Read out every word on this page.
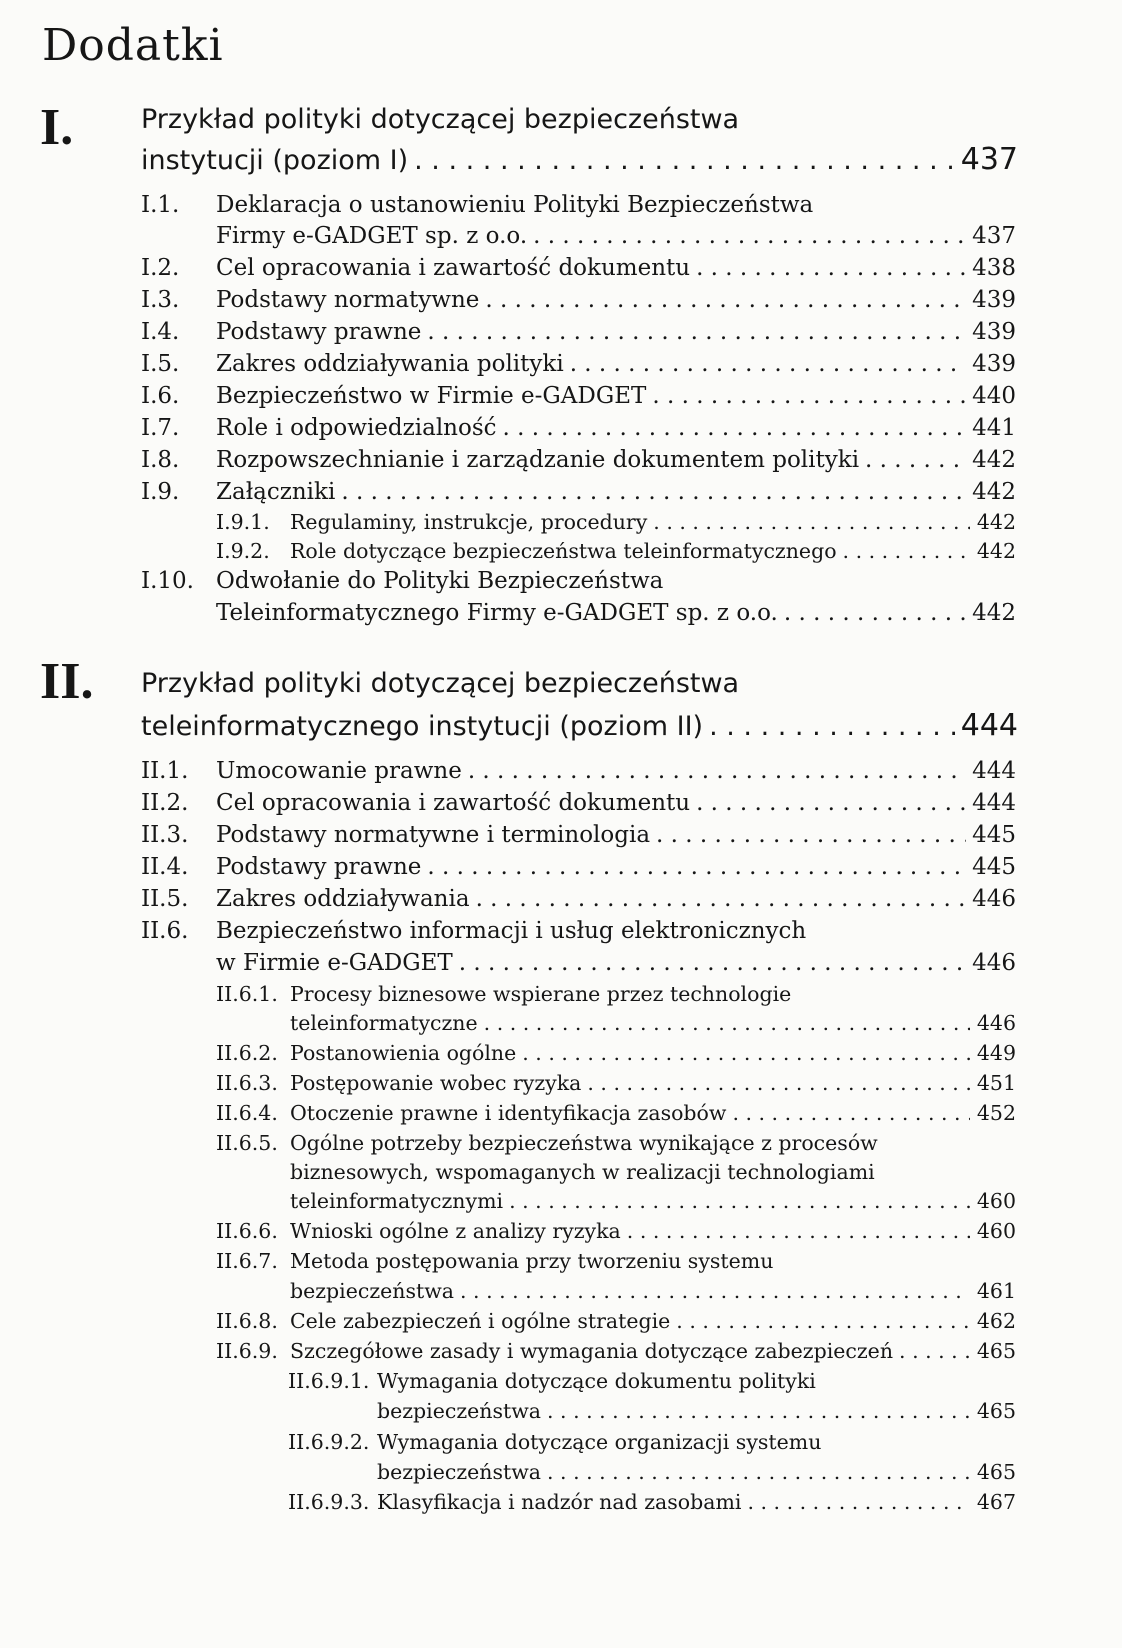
Dodatki
I.	Przykład polityki dotyczącej bezpieczeństwa
instytucji (poziom I) . . .	437
I.1. Deklaracja o ustanowieniu Polityki Bezpieczeństwa
Firmy e-GADGET sp. z o.o. . . .	437
I.2. Cel opracowania i zawartość dokumentu . . .	438
I.3. Podstawy normatywne . . .	439
I.4. Podstawy prawne . . .	439
I.5. Zakres oddziaływania polityki . . .	439
I.6. Bezpieczeństwo w Firmie e-GADGET . . .	440
I.7. Role i odpowiedzialność . . .	441
I.8. Rozpowszechnianie i zarządzanie dokumentem polityki . . .	442
I.9. Załączniki . . .	442
I.9.1. Regulaminy, instrukcje, procedury . . .	442
I.9.2. Role dotyczące bezpieczeństwa teleinformatycznego . . .	442
I.10. Odwołanie do Polityki Bezpieczeństwa
Teleinformatycznego Firmy e-GADGET sp. z o.o. . . .	442
II. Przykład polityki dotyczącej bezpieczeństwa
teleinformatycznego instytucji (poziom II) . . .	444
II.1. Umocowanie prawne . . .	444
II.2. Cel opracowania i zawartość dokumentu . . .	444
II.3. Podstawy normatywne i terminologia . . .	445
II.4. Podstawy prawne . . .	445
II.5. Zakres oddziaływania . . .	446
II.6. Bezpieczeństwo informacji i usług elektronicznych
w Firmie e-GADGET . . .	446
II.6.1. Procesy biznesowe wspierane przez technologie
teleinformatyczne . . .	446
II.6.2. Postanowienia ogólne . . .	449
II.6.3. Postępowanie wobec ryzyka . . .	451
II.6.4. Otoczenie prawne i identyfikacja zasobów . . .	452
II.6.5. Ogólne potrzeby bezpieczeństwa wynikające z procesów
biznesowych, wspomaganych w realizacji technologiami
teleinformatycznymi . . .	460
II.6.6. Wnioski ogólne z analizy ryzyka . . .	460
II.6.7. Metoda postępowania przy tworzeniu systemu
bezpieczeństwa . . .	461
II.6.8. Cele zabezpieczeń i ogólne strategie . . .	462
II.6.9. Szczegółowe zasady i wymagania dotyczące zabezpieczeń . . .	465
II.6.9.1. Wymagania dotyczące dokumentu polityki
bezpieczeństwa . . .	465
II.6.9.2. Wymagania dotyczące organizacji systemu
bezpieczeństwa . . .	465
II.6.9.3. Klasyfikacja i nadzór nad zasobami . . .	467
